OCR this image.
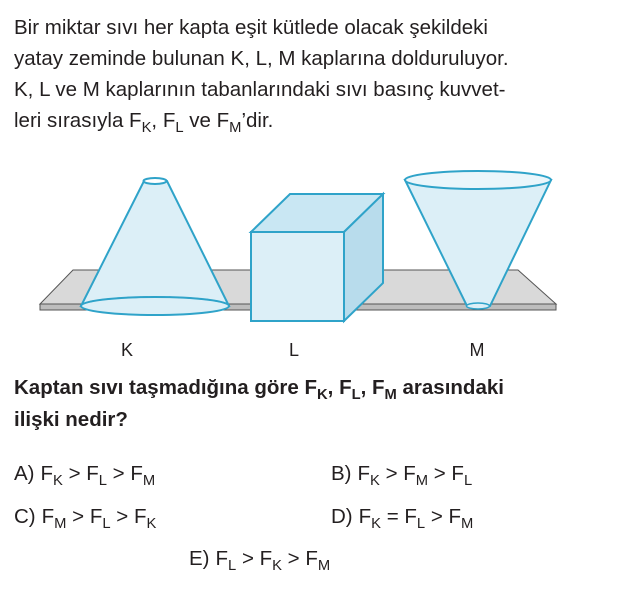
Bir miktar sıvı her kapta eşit kütlede olacak şekildeki

yatay zeminde bulunan K, L, M kaplarına dolduruluyor.

K, L ve M kaplarının tabanlarındaki sıvı basınç kuvvet-

leri sırasıyla $F_K$, $F_L$ ve $F_M’dir$.

K	L	M
Kaptan sıvı taşmadığına göre $F_K$, $F_L$, $F_M$ arasındaki
ilişki nedir?
A) $F_K > F_L > F_M$	B) $F_K > F_M > F_L$
C) $F_M > F_L > F_K$	D) $F_K = F_L > F_M$
E) $F_L > F_K > F_M$
